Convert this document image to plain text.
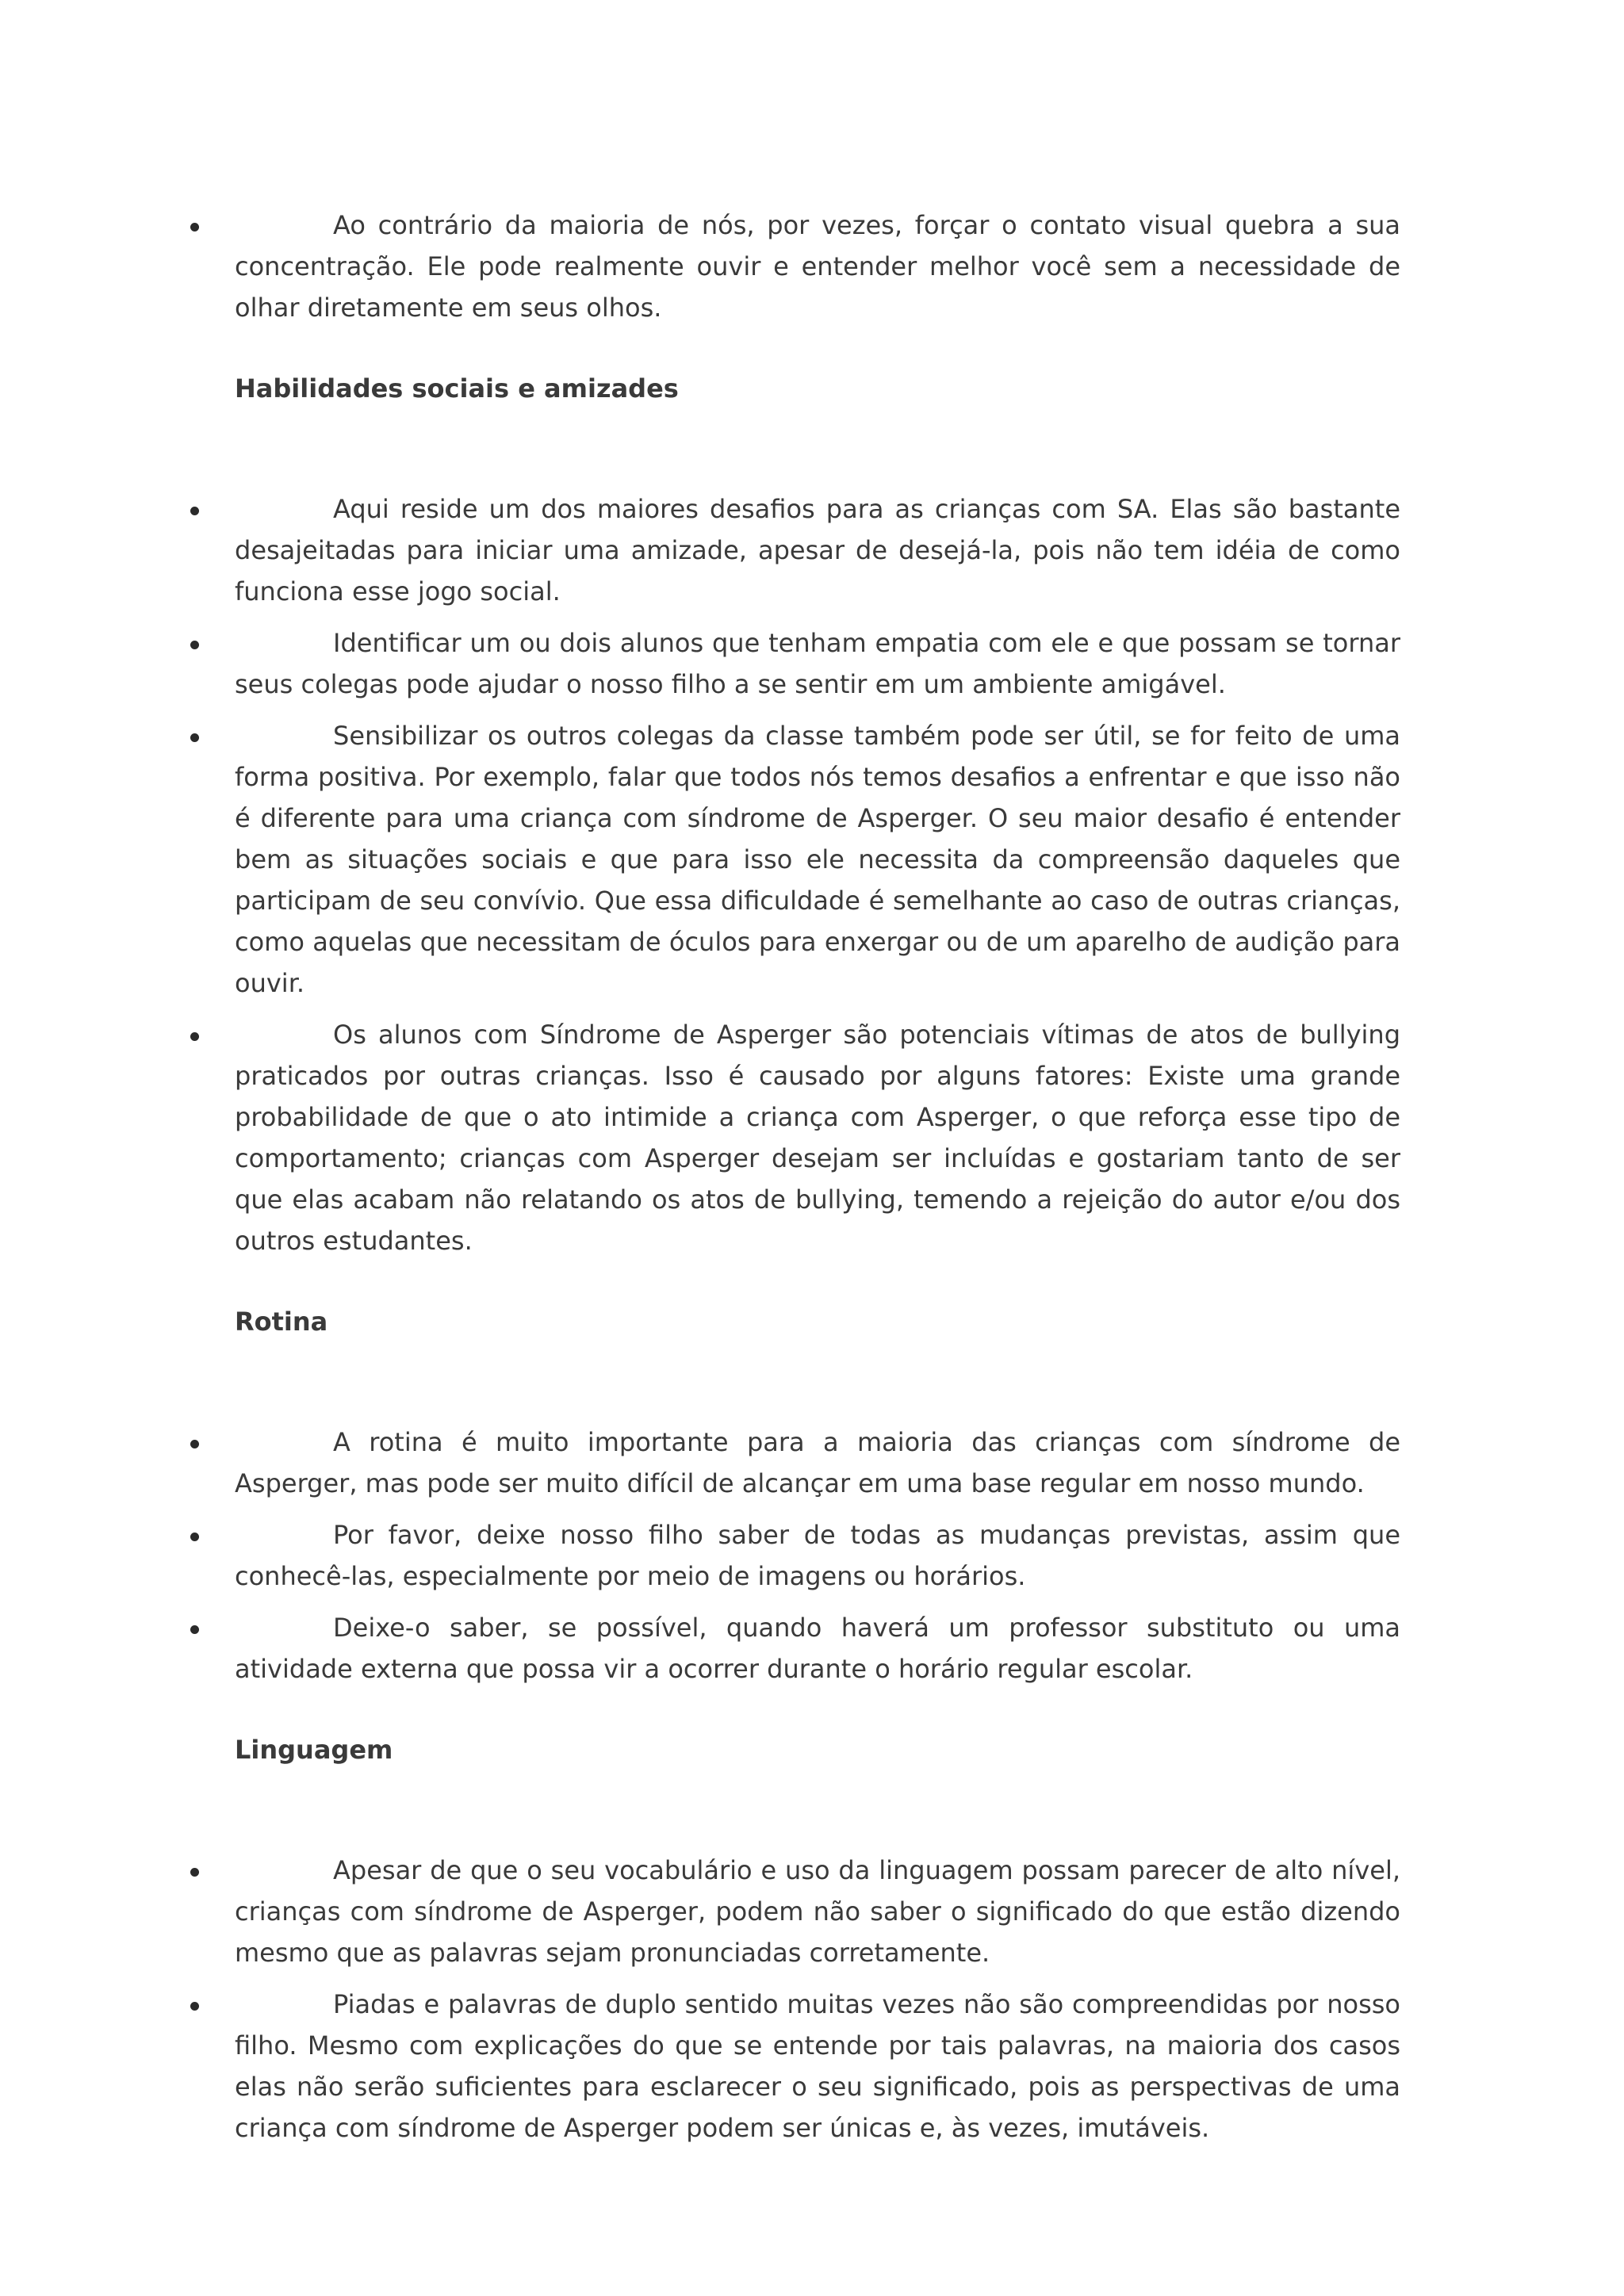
Ao contrário da maioria de nós, por vezes, forçar o contato visual quebra a sua concentração. Ele pode realmente ouvir e entender melhor você sem a necessidade de olhar diretamente em seus olhos.

Habilidades sociais e amizades

Aqui reside um dos maiores desafios para as crianças com SA. Elas são bastante desajeitadas para iniciar uma amizade, apesar de desejá-la, pois não tem idéia de como funciona esse jogo social.

Identificar um ou dois alunos que tenham empatia com ele e que possam se tornar seus colegas pode ajudar o nosso filho a se sentir em um ambiente amigável.

Sensibilizar os outros colegas da classe também pode ser útil, se for feito de uma forma positiva. Por exemplo, falar que todos nós temos desafios a enfrentar e que isso não é diferente para uma criança com síndrome de Asperger. O seu maior desafio é entender bem as situações sociais e que para isso ele necessita da compreensão daqueles que participam de seu convívio. Que essa dificuldade é semelhante ao caso de outras crianças, como aquelas que necessitam de óculos para enxergar ou de um aparelho de audição para ouvir.

Os alunos com Síndrome de Asperger são potenciais vítimas de atos de bullying praticados por outras crianças. Isso é causado por alguns fatores: Existe uma grande probabilidade de que o ato intimide a criança com Asperger, o que reforça esse tipo de comportamento; crianças com Asperger desejam ser incluídas e gostariam tanto de ser que elas acabam não relatando os atos de bullying, temendo a rejeição do autor e/ou dos outros estudantes.

Rotina

A rotina é muito importante para a maioria das crianças com síndrome de Asperger, mas pode ser muito difícil de alcançar em uma base regular em nosso mundo.

Por favor, deixe nosso filho saber de todas as mudanças previstas, assim que conhecê-las, especialmente por meio de imagens ou horários.

Deixe-o saber, se possível, quando haverá um professor substituto ou uma atividade externa que possa vir a ocorrer durante o horário regular escolar.

Linguagem

Apesar de que o seu vocabulário e uso da linguagem possam parecer de alto nível, crianças com síndrome de Asperger, podem não saber o significado do que estão dizendo mesmo que as palavras sejam pronunciadas corretamente.

Piadas e palavras de duplo sentido muitas vezes não são compreendidas por nosso filho. Mesmo com explicações do que se entende por tais palavras, na maioria dos casos elas não serão suficientes para esclarecer o seu significado, pois as perspectivas de uma criança com síndrome de Asperger podem ser únicas e, às vezes, imutáveis.
